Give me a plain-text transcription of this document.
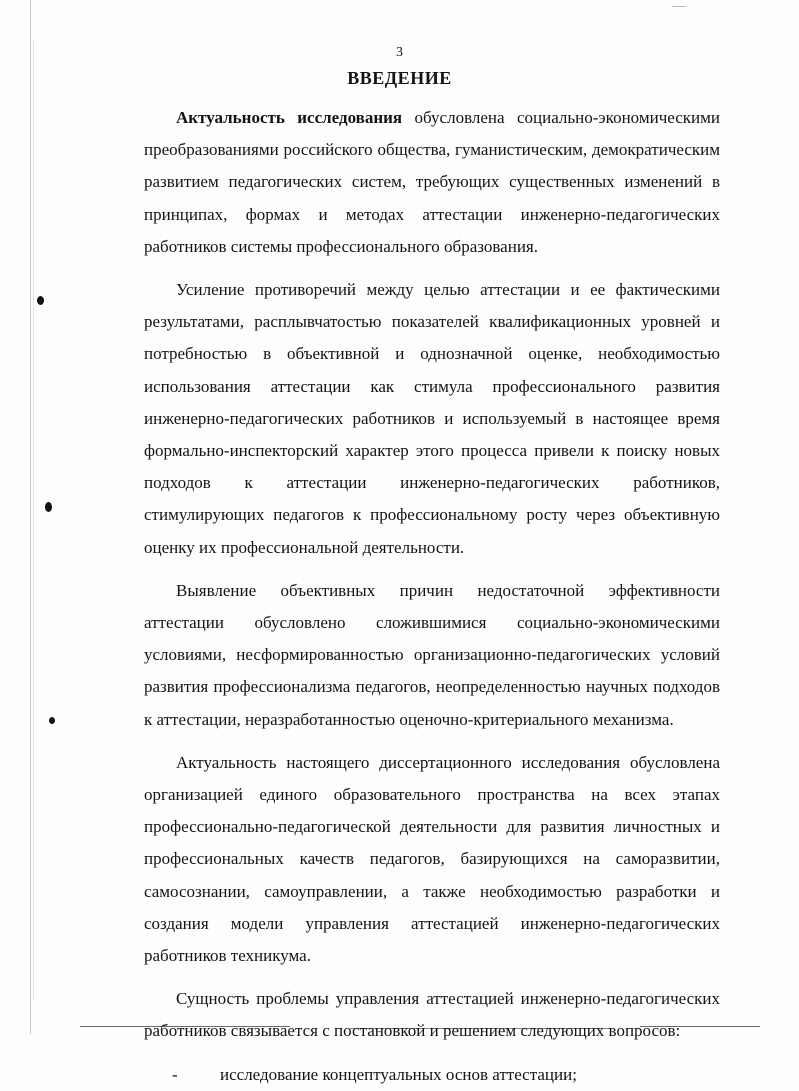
3
ВВЕДЕНИЕ

Актуальность исследования обусловлена социально-экономическими преобразованиями российского общества, гуманистическим, демократическим развитием педагогических систем, требующих существенных изменений в принципах, формах и методах аттестации инженерно-педагогических работников системы профессионального образования.

Усиление противоречий между целью аттестации и ее фактическими результатами, расплывчатостью показателей квалификационных уровней и потребностью в объективной и однозначной оценке, необходимостью использования аттестации как стимула профессионального развития инженерно-педагогических работников и используемый в настоящее время формально-инспекторский характер этого процесса привели к поиску новых подходов к аттестации инженерно-педагогических работников, стимулирующих педагогов к профессиональному росту через объективную оценку их профессиональной деятельности.

Выявление объективных причин недостаточной эффективности аттестации обусловлено сложившимися социально-экономическими условиями, несформированностью организационно-педагогических условий развития профессионализма педагогов, неопределенностью научных подходов к аттестации, неразработанностью оценочно-критериального механизма.

Актуальность настоящего диссертационного исследования обусловлена организацией единого образовательного пространства на всех этапах профессионально-педагогической деятельности для развития личностных и профессиональных качеств педагогов, базирующихся на саморазвитии, самосознании, самоуправлении, а также необходимостью разработки и создания модели управления аттестацией инженерно-педагогических работников техникума.

Сущность проблемы управления аттестацией инженерно-педагогических работников связывается с постановкой и решением следующих вопросов:

- исследование концептуальных основ аттестации;
